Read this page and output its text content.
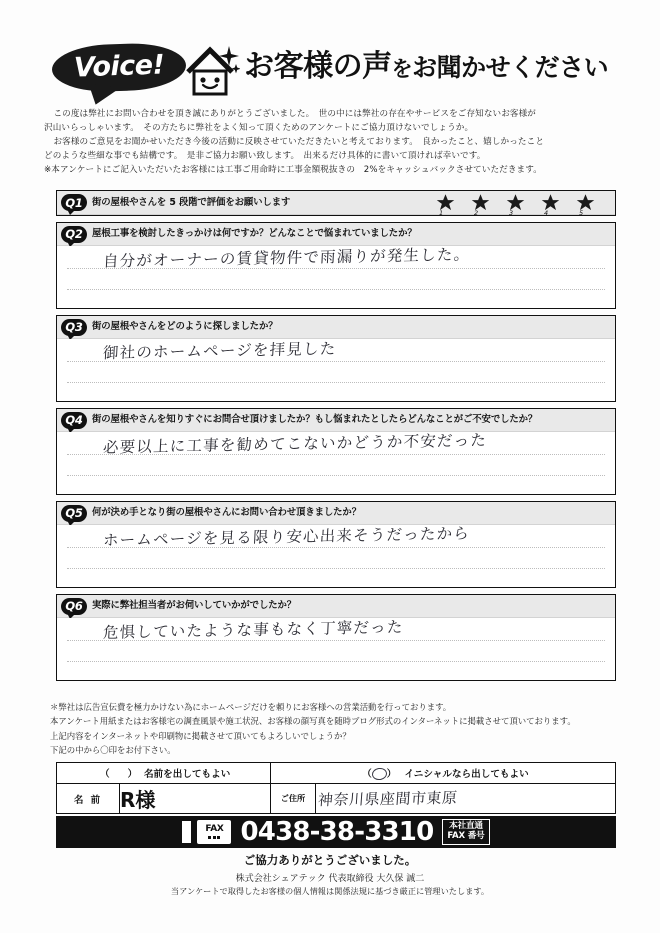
Voice!	お客様の声をお聞かせください

この度は弊社にお問い合わせを頂き誠にありがとうございました。　世の中には弊社の存在やサービスをご存知ないお客様が

沢山いらっしゃいます。　その方たちに弊社をよく知って頂くためのアンケートにご協力頂けないでしょうか。

お客様のご意見をお聞かせいただき今後の活動に反映させていただきたいと考えております。　良かったこと、嬉しかったこと

どのような些細な事でも結構です。　是非ご協力お願い致します。　出来るだけ具体的に書いて頂ければ幸いです。

※本アンケートにご記入いただいたお客様には工事ご用命時に工事金額税抜きの　2%をキャッシュバックさせていただきます。

Q1	街の屋根やさんを 5 段階で評価をお願いします
1	2	3	4	5
Q2	屋根工事を検討したきっかけは何ですか？どんなことで悩まれていましたか？
自分がオーナーの賃貸物件で雨漏りが発生した。
Q3	街の屋根やさんをどのように探しましたか？
御社のホームページを拝見した
Q4	街の屋根やさんを知りすぐにお問合せ頂けましたか？もし悩まれたとしたらどんなことがご不安でしたか？
必要以上に工事を勧めてこないかどうか不安だった
Q5	何が決め手となり街の屋根やさんにお問い合わせ頂きましたか？
ホームページを見る限り安心出来そうだったから
Q6	実際に弊社担当者がお伺いしていかがでしたか？
危惧していたような事もなく丁寧だった

＊弊社は広告宣伝費を極力かけない為にホームページだけを頼りにお客様への営業活動を行っております。

本アンケート用紙またはお客様宅の調査風景や施工状況、お客様の顔写真を随時ブログ形式のインターネットに掲載させて頂いております。

上記内容をインターネットや印刷物に掲載させて頂いてもよろしいでしょうか？

下記の中から〇印をお付下さい。

（ ） 名前を出してもよい		（ ） イニシャルなら出してもよい	
名 前	R様	ご住所	神奈川県座間市東原
FAX 0438-38-3310 本社直通
FAX 番号
ご協力ありがとうございました。
株式会社シェアテック 代表取締役 大久保 誠二
当アンケートで取得したお客様の個人情報は関係法規に基づき厳正に管理いたします。
